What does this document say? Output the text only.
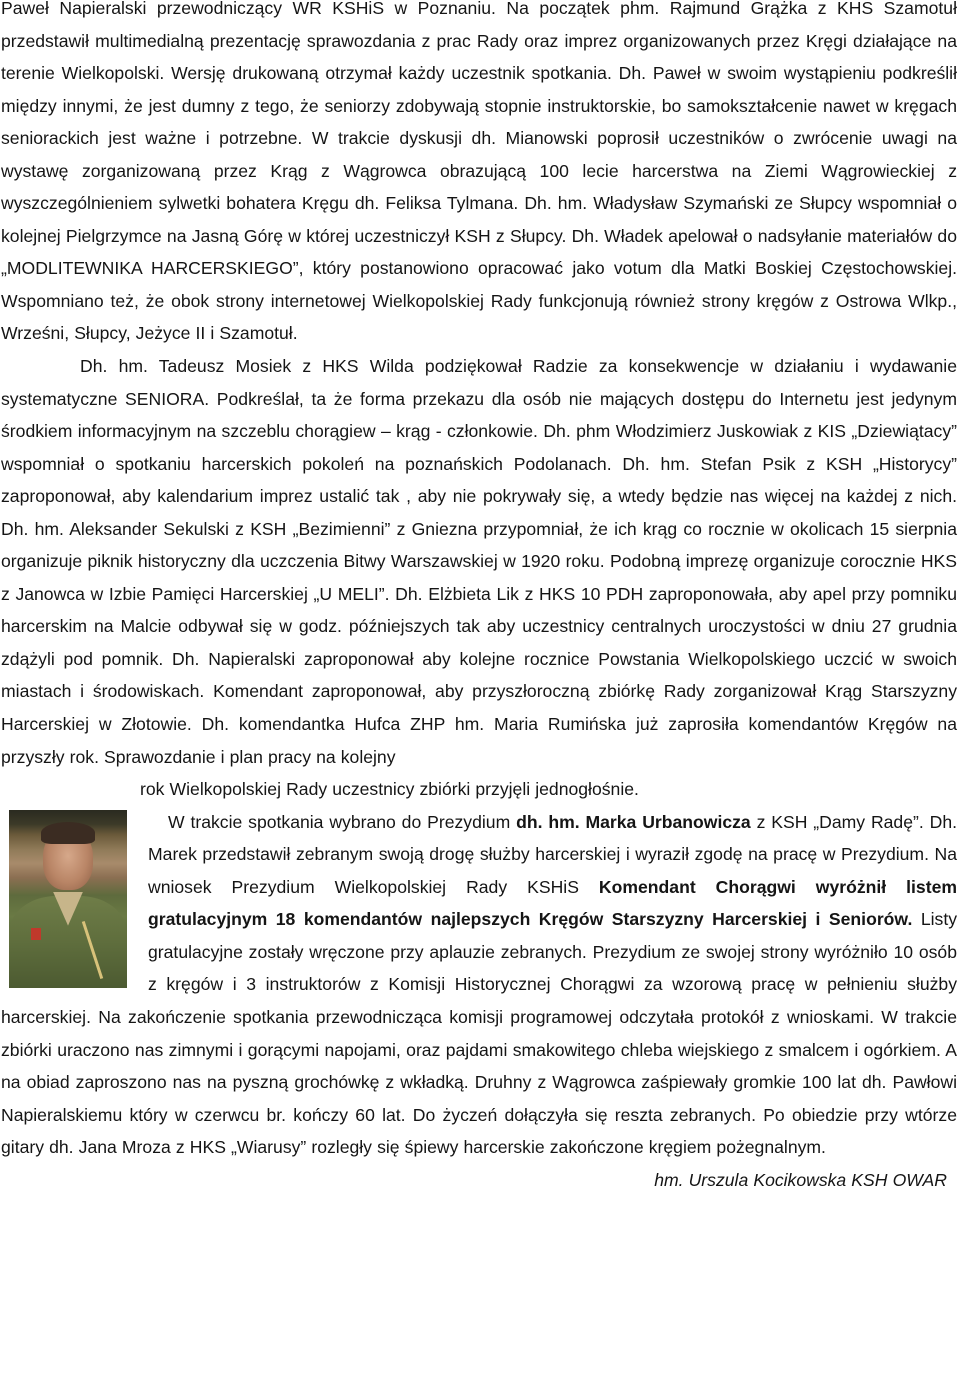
Paweł Napieralski przewodniczący WR KSHiS w Poznaniu. Na początek phm. Rajmund Grążka z KHS Szamotuł przedstawił multimedialną prezentację sprawozdania z prac Rady oraz imprez organizowanych przez Kręgi działające na terenie Wielkopolski. Wersję drukowaną otrzymał każdy uczestnik spotkania. Dh. Paweł w swoim wystąpieniu podkreślił między innymi, że jest dumny z tego, że seniorzy zdobywają stopnie instruktorskie, bo samokształcenie nawet w kręgach seniorackich jest ważne i potrzebne. W trakcie dyskusji dh. Mianowski poprosił uczestników o zwrócenie uwagi na wystawę zorganizowaną przez Krąg z Wągrowca obrazującą 100 lecie harcerstwa na Ziemi Wągrowieckiej z wyszczególnieniem sylwetki bohatera Kręgu dh. Feliksa Tylmana. Dh. hm. Władysław Szymański ze Słupcy wspomniał o kolejnej Pielgrzymce na Jasną Górę w której uczestniczył KSH z Słupcy. Dh. Władek apelował o nadsyłanie materiałów do „MODLITEWNIKA HARCERSKIEGO”, który postanowiono opracować jako votum dla Matki Boskiej Częstochowskiej. Wspomniano też, że obok strony internetowej Wielkopolskiej Rady funkcjonują również strony kręgów z Ostrowa Wlkp., Wrześni, Słupcy, Jeżyce II i Szamotuł.

Dh. hm. Tadeusz Mosiek z HKS Wilda podziękował Radzie za konsekwencje w działaniu i wydawanie systematyczne SENIORA. Podkreślał, ta że forma przekazu dla osób nie mających dostępu do Internetu jest jedynym środkiem informacyjnym na szczeblu chorągiew – krąg - członkowie. Dh. phm Włodzimierz Juskowiak z KIS „Dziewiątacy” wspomniał o spotkaniu harcerskich pokoleń na poznańskich Podolanach. Dh. hm. Stefan Psik z KSH „Historycy” zaproponował, aby kalendarium imprez ustalić tak , aby nie pokrywały się, a wtedy będzie nas więcej na każdej z nich. Dh. hm. Aleksander Sekulski z KSH „Bezimienni” z Gniezna przypomniał, że ich krąg co rocznie w okolicach 15 sierpnia organizuje piknik historyczny dla uczczenia Bitwy Warszawskiej w 1920 roku. Podobną imprezę organizuje corocznie HKS z Janowca w Izbie Pamięci Harcerskiej „U MELI”. Dh. Elżbieta Lik z HKS 10 PDH zaproponowała, aby apel przy pomniku harcerskim na Malcie odbywał się w godz. późniejszych tak aby uczestnicy centralnych uroczystości w dniu 27 grudnia zdążyli pod pomnik. Dh. Napieralski zaproponował aby kolejne rocznice Powstania Wielkopolskiego uczcić w swoich miastach i środowiskach. Komendant zaproponował, aby przyszłoroczną zbiórkę Rady zorganizował Krąg Starszyzny Harcerskiej w Złotowie. Dh. komendantka Hufca ZHP hm. Maria Rumińska już zaprosiła komendantów Kręgów na przyszły rok. Sprawozdanie i plan pracy na kolejny

rok Wielkopolskiej Rady uczestnicy zbiórki przyjęli jednogłośnie.

W trakcie spotkania wybrano do Prezydium dh. hm. Marka Urbanowicza z KSH „Damy Radę”. Dh. Marek przedstawił zebranym swoją drogę służby harcerskiej i wyraził zgodę na pracę w Prezydium. Na wniosek Prezydium Wielkopolskiej Rady KSHiS Komendant Chorągwi wyróżnił listem gratulacyjnym 18 komendantów najlepszych Kręgów Starszyzny Harcerskiej i Seniorów. Listy gratulacyjne zostały wręczone przy aplauzie zebranych. Prezydium ze swojej strony wyróżniło 10 osób z kręgów i 3 instruktorów z Komisji Historycznej Chorągwi za wzorową pracę w pełnieniu służby harcerskiej. Na zakończenie spotkania przewodnicząca komisji programowej odczytała protokół z wnioskami. W trakcie zbiórki uraczono nas zimnymi i gorącymi napojami, oraz pajdami smakowitego chleba wiejskiego z smalcem i ogórkiem. A na obiad zaproszono nas na pyszną grochówkę z wkładką. Druhny z Wągrowca zaśpiewały gromkie 100 lat dh. Pawłowi Napieralskiemu który w czerwcu br. kończy 60 lat. Do życzeń dołączyła się reszta zebranych. Po obiedzie przy wtórze gitary dh. Jana Mroza z HKS „Wiarusy” rozległy się śpiewy harcerskie zakończone kręgiem pożegnalnym.

hm. Urszula Kocikowska KSH OWAR
